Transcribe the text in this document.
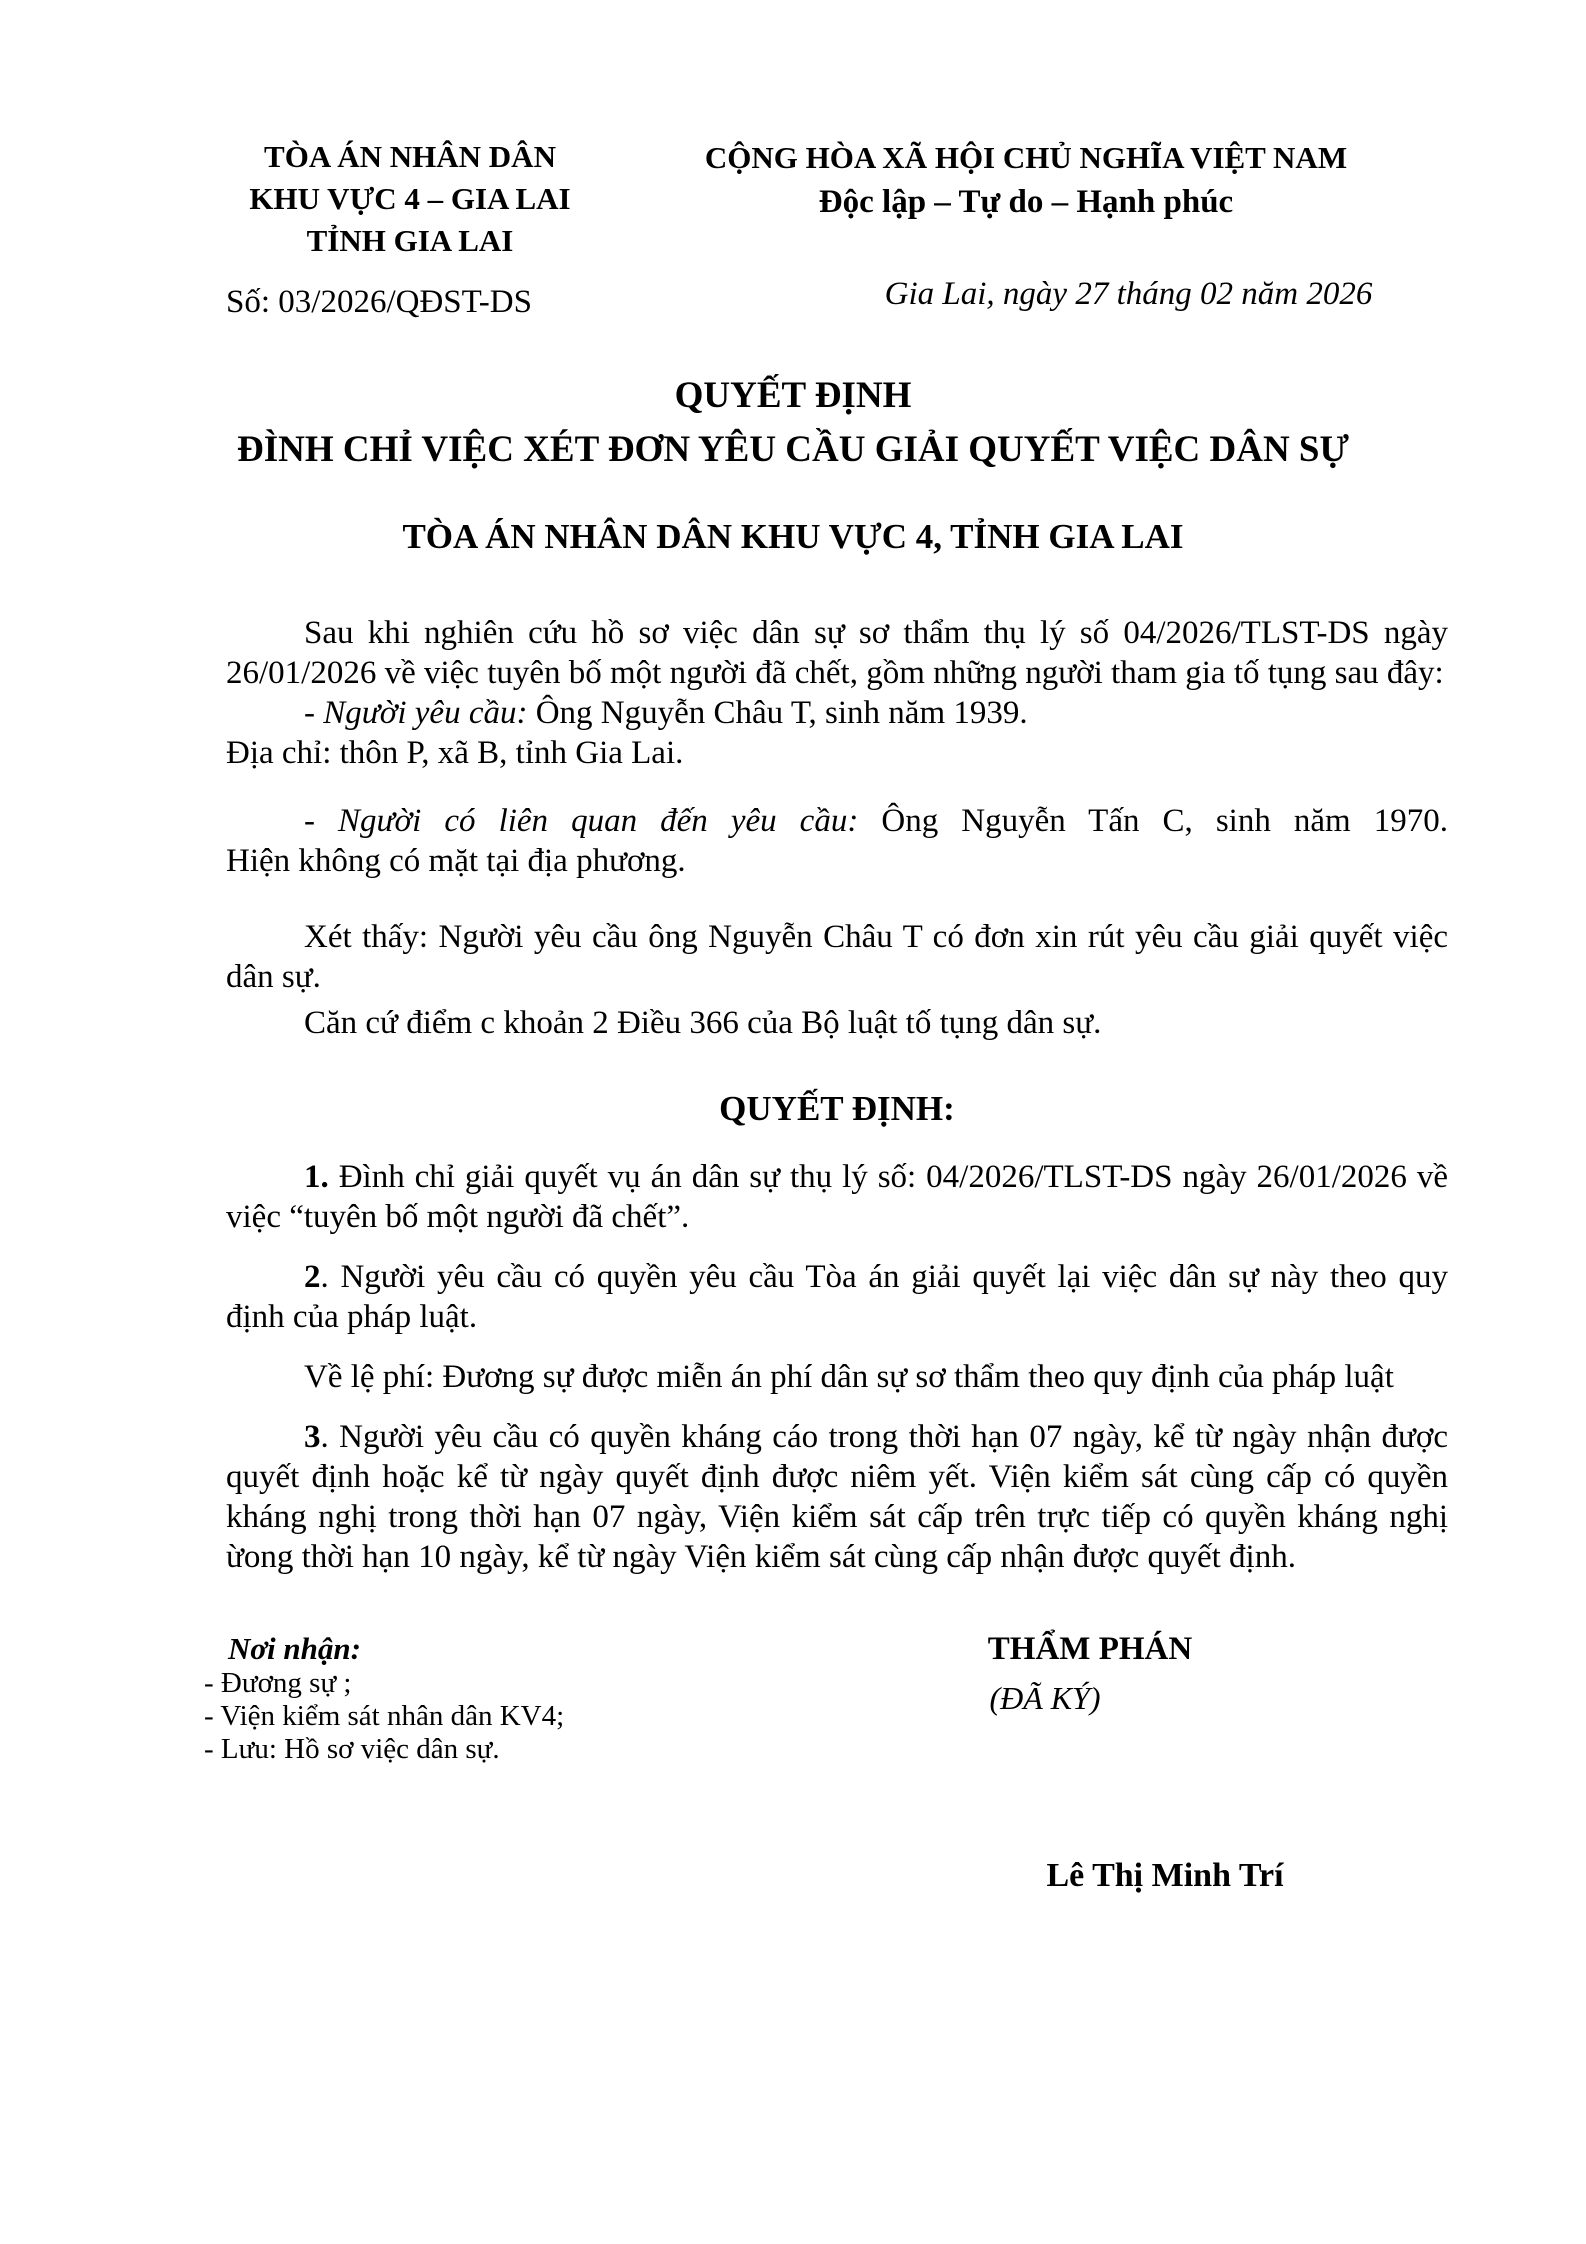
TÒA ÁN NHÂN DÂN
KHU VỰC 4 – GIA LAI
TỈNH GIA LAI
Số: 03/2026/QĐST-DS
CỘNG HÒA XÃ HỘI CHỦ NGHĨA VIỆT NAM
Độc lập – Tự do – Hạnh phúc
Gia Lai, ngày 27 tháng 02 năm 2026
QUYẾT ĐỊNH
ĐÌNH CHỈ VIỆC XÉT ĐƠN YÊU CẦU GIẢI QUYẾT VIỆC DÂN SỰ
TÒA ÁN NHÂN DÂN KHU VỰC 4, TỈNH GIA LAI

Sau khi nghiên cứu hồ sơ việc dân sự sơ thẩm thụ lý số 04/2026/TLST-DS ngày 26/01/2026 về việc tuyên bố một người đã chết, gồm những người tham gia tố tụng sau đây:

- Người yêu cầu: Ông Nguyễn Châu T, sinh năm 1939.

Địa chỉ: thôn P, xã B, tỉnh Gia Lai.

- Người có liên quan đến yêu cầu: Ông Nguyễn Tấn C, sinh năm 1970.

Hiện không có mặt tại địa phương.

Xét thấy: Người yêu cầu ông Nguyễn Châu T có đơn xin rút yêu cầu giải quyết việc dân sự.

Căn cứ điểm c khoản 2 Điều 366 của Bộ luật tố tụng dân sự.

QUYẾT ĐỊNH:

1. Đình chỉ giải quyết vụ án dân sự thụ lý số: 04/2026/TLST-DS ngày 26/01/2026 về việc “tuyên bố một người đã chết”.

2. Người yêu cầu có quyền yêu cầu Tòa án giải quyết lại việc dân sự này theo quy định của pháp luật.

Về lệ phí: Đương sự được miễn án phí dân sự sơ thẩm theo quy định của pháp luật

3. Người yêu cầu có quyền kháng cáo trong thời hạn 07 ngày, kể từ ngày nhận được quyết định hoặc kể từ ngày quyết định được niêm yết. Viện kiểm sát cùng cấp có quyền kháng nghị trong thời hạn 07 ngày, Viện kiểm sát cấp trên trực tiếp có quyền kháng nghị ừong thời hạn 10 ngày, kể từ ngày Viện kiểm sát cùng cấp nhận được quyết định.

Nơi nhận:
- Đương sự ;
- Viện kiểm sát nhân dân KV4;
- Lưu: Hồ sơ việc dân sự.
THẨM PHÁN
(ĐÃ KÝ)
Lê Thị Minh Trí
